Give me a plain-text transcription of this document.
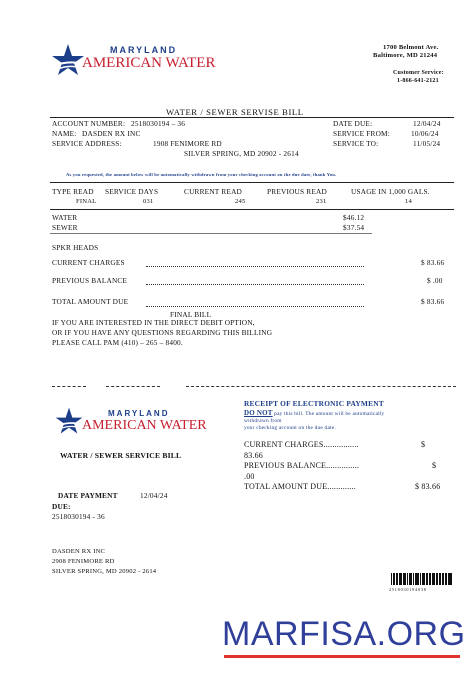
MARYLAND
AMERICAN WATER
1700 Belmont Ave.
Baltimore, MD 21244
Customer Service:
1-866-641-2121
WATER / SEWER SERVISE BILL
ACCOUNT NUMBER: 2518030194 – 36
NAME: DASDEN RX INC
SERVICE ADDRESS:	1908 FENIMORE RD
SILVER SPRING, MD 20902 - 2614
DATE DUE:	12/04/24
SERVICE FROM:	10/06/24
SERVICE TO:	11/05/24
As you requested, the amount below will be automatically withdrawn from your checking account on the due date, thank You.
TYPE READ SERVICE DAYS	CURRENT READ	PREVIOUS READ	USAGE IN 1,000 GALS.
FINAL	031	245	231	14
WATER	$46.12
SEWER	$37.54
SPKR HEADS
CURRENT CHARGES	$ 83.66
PREVIOUS BALANCE	$ .00
TOTAL AMOUNT DUE	$ 83.66
FINAL BILL
IF YOU ARE INTERESTED IN THE DIRECT DEBIT OPTION,
OR IF YOU HAVE ANY QUESTIONS REGARDING THIS BILLING
PLEASE CALL PAM (410) – 265 – 8400.
MARYLAND
AMERICAN WATER
WATER / SEWER SERVICE BILL
RECEIPT OF ELECTRONIC PAYMENT
DO NOT pay this bill. The amount will be automatically
withdrawn from
your checking account on the due date.
CURRENT CHARGES................	$
83.66
PREVIOUS BALANCE...............	$
.00
TOTAL AMOUNT DUE.............	$ 83.66
DATE PAYMENT	12/04/24
DUE:
2518030194 - 36
DASDEN RX INC
2908 FENIMORE RD
SILVER SPRING, MD 20902 - 2614
2518030194038
MARFISA.ORG
